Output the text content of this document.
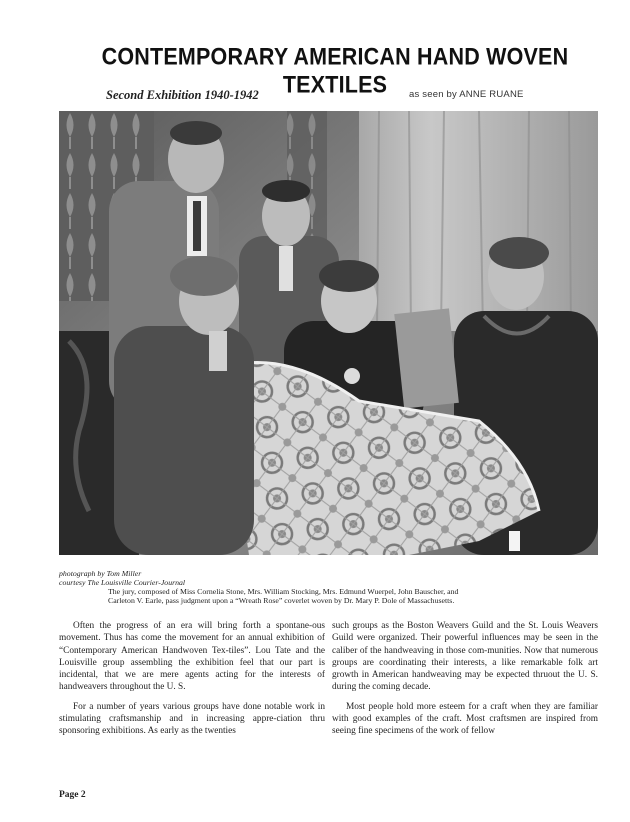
CONTEMPORARY AMERICAN HAND WOVEN TEXTILES
Second Exhibition 1940-1942	as seen by ANNE RUANE
photograph by Tom Miller
courtesy The Louisville Courier-Journal
The jury, composed of Miss Cornelia Stone, Mrs. William Stocking, Mrs. Edmund Wuerpel, John Bauscher, and
Carleton V. Earle, pass judgment upon a “Wreath Rose” coverlet woven by Dr. Mary P. Dole of Massachusetts.

Often the progress of an era will bring forth a spontane-ous movement. Thus has come the movement for an annual exhibition of “Contemporary American Handwoven Tex-tiles”. Lou Tate and the Louisville group assembling the exhibition feel that our part is incidental, that we are mere agents acting for the interests of handweavers throughout the U. S.

For a number of years various groups have done notable work in stimulating craftsmanship and in increasing appre-ciation thru sponsoring exhibitions. As early as the twenties

such groups as the Boston Weavers Guild and the St. Louis Weavers Guild were organized. Their powerful influences may be seen in the caliber of the handweaving in those com-munities. Now that numerous groups are coordinating their interests, a like remarkable folk art growth in American handweaving may be expected thruout the U. S. during the coming decade.

Most people hold more esteem for a craft when they are familiar with good examples of the craft. Most craftsmen are inspired from seeing fine specimens of the work of fellow

Page 2
